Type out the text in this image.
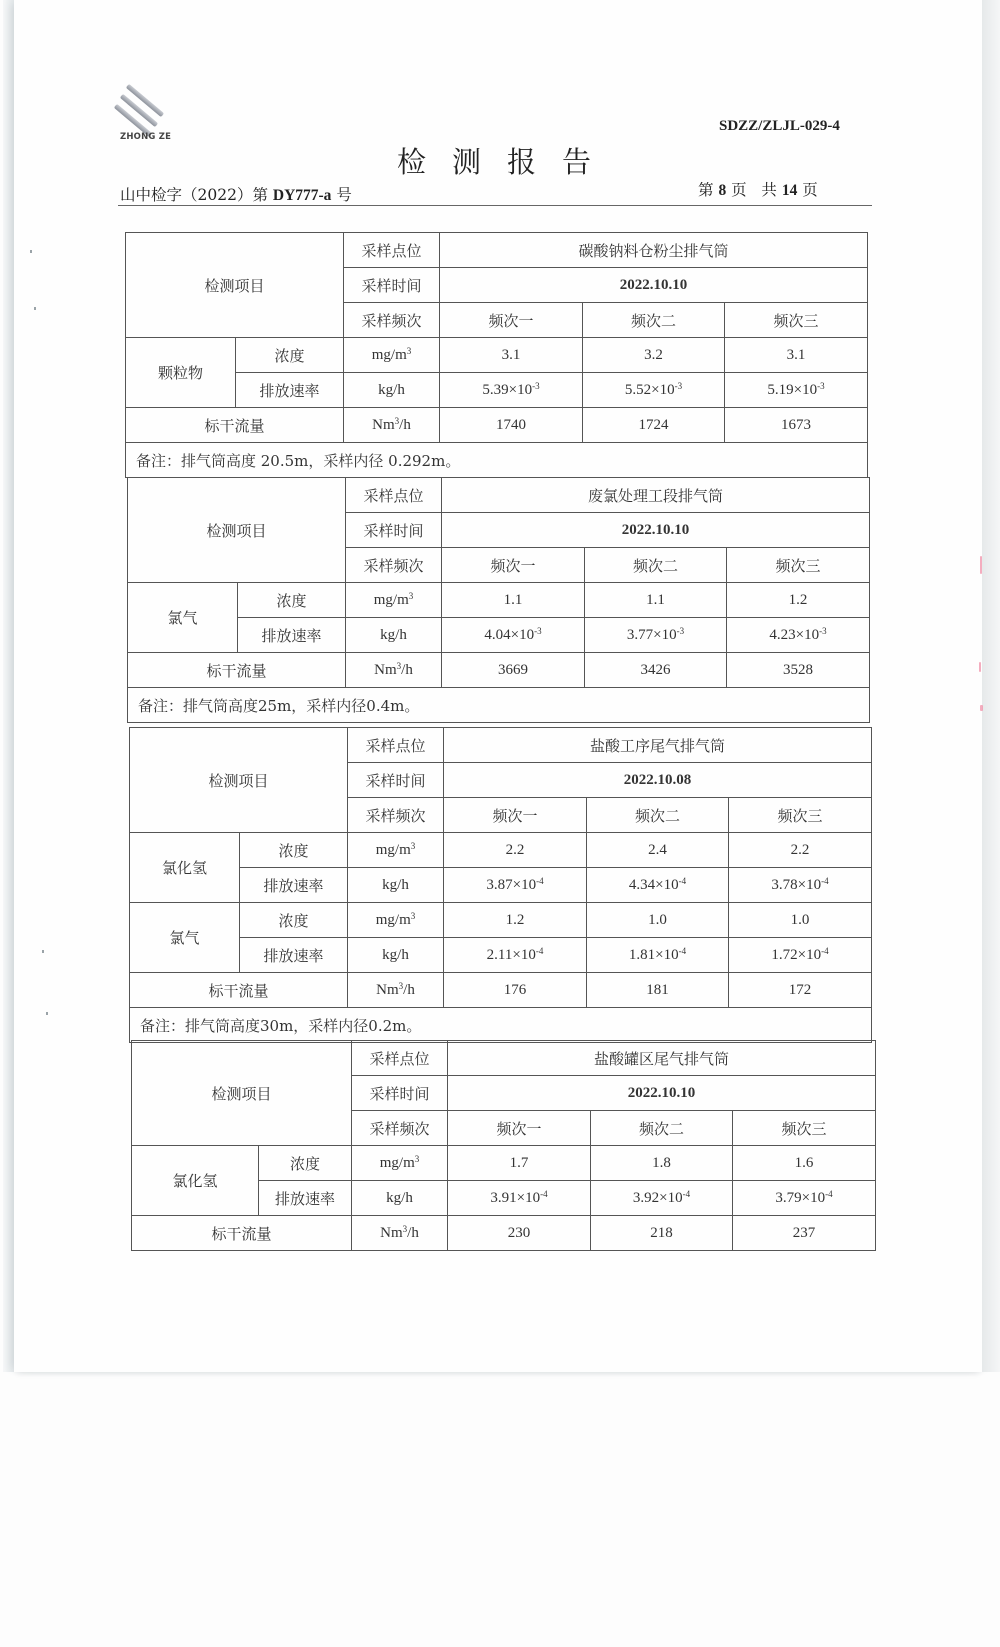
ZHONG ZE
SDZZ/ZLJL-029-4
检测报告
山中检字（2022）第 DY777-a 号	第 8 页   共 14 页
检测项目		采样点位	碳酸钠料仓粉尘排气筒		
		采样时间	2022.10.10		
		采样频次	频次一	频次二	频次三
颗粒物	浓度	$mg/m^3$	3.1	3.2	3.1
	排放速率	kg/h	$5.39\times 10^{-3}$	$5.52\times 10^{-3}$	$5.19\times 10^{-3}$
标干流量		Nm$^3$/h	1740	1724	1673
备注：排气筒高度 20.5m，采样内径 0.292m。					
检测项目		采样点位	废氯处理工段排气筒		
		采样时间	2022.10.10		
		采样频次	频次一	频次二	频次三
氯气	浓度	$mg/m^3$	1.1	1.1	1.2
	排放速率	kg/h	$4.04\times 10^{-3}$	$3.77\times 10^{-3}$	$4.23\times 10^{-3}$
标干流量		Nm$^3$/h	3669	3426	3528
备注：排气筒高度25m，采样内径0.4m。					
检测项目		采样点位	盐酸工序尾气排气筒		
		采样时间	2022.10.08		
		采样频次	频次一	频次二	频次三
氯化氢	浓度	$mg/m^3$	2.2	2.4	2.2
	排放速率	kg/h	$3.87\times 10^{-4}$	$4.34\times 10^{-4}$	$3.78\times 10^{-4}$
氯气	浓度	$mg/m^3$	1.2	1.0	1.0
	排放速率	kg/h	$2.11\times 10^{-4}$	$1.81\times 10^{-4}$	$1.72\times 10^{-4}$
标干流量		Nm$^3$/h	176	181	172
备注：排气筒高度30m，采样内径0.2m。					
检测项目		采样点位	盐酸罐区尾气排气筒		
		采样时间	2022.10.10		
		采样频次	频次一	频次二	频次三
氯化氢	浓度	$mg/m^3$	1.7	1.8	1.6
	排放速率	kg/h	$3.91\times 10^{-4}$	$3.92\times 10^{-4}$	$3.79\times 10^{-4}$
标干流量		Nm$^3$/h	230	218	237
